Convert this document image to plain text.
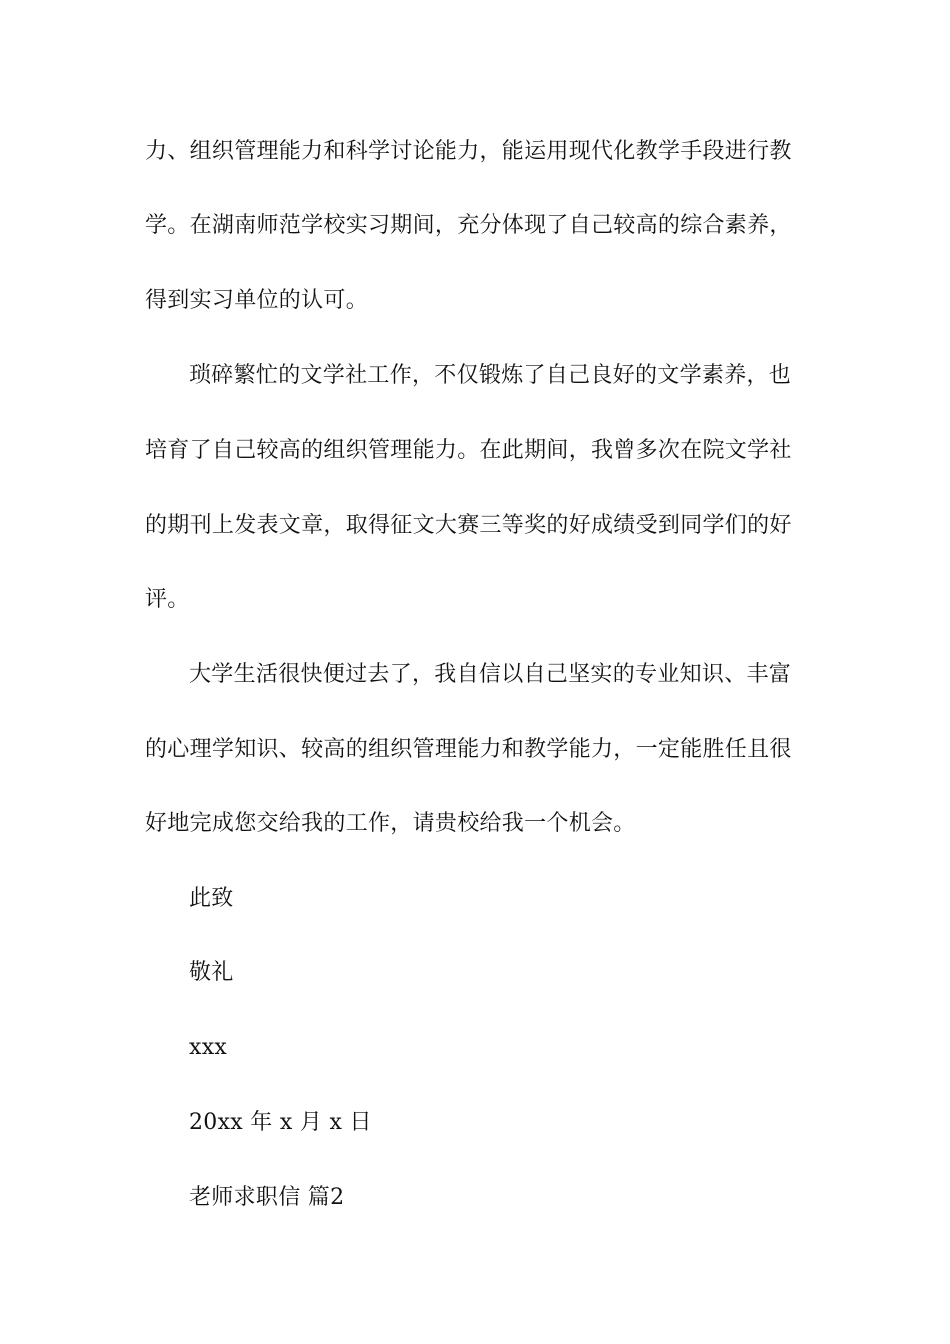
力、组织管理能力和科学讨论能力，能运用现代化教学手段进行教
学。在湖南师范学校实习期间，充分体现了自己较高的综合素养，
得到实习单位的认可。
琐碎繁忙的文学社工作，不仅锻炼了自己良好的文学素养，也
培育了自己较高的组织管理能力。在此期间，我曾多次在院文学社
的期刊上发表文章，取得征文大赛三等奖的好成绩受到同学们的好
评。
大学生活很快便过去了，我自信以自己坚实的专业知识、丰富
的心理学知识、较高的组织管理能力和教学能力，一定能胜任且很
好地完成您交给我的工作，请贵校给我一个机会。
此致
敬礼
xxx
20xx 年 x 月 x 日
老师求职信 篇2
